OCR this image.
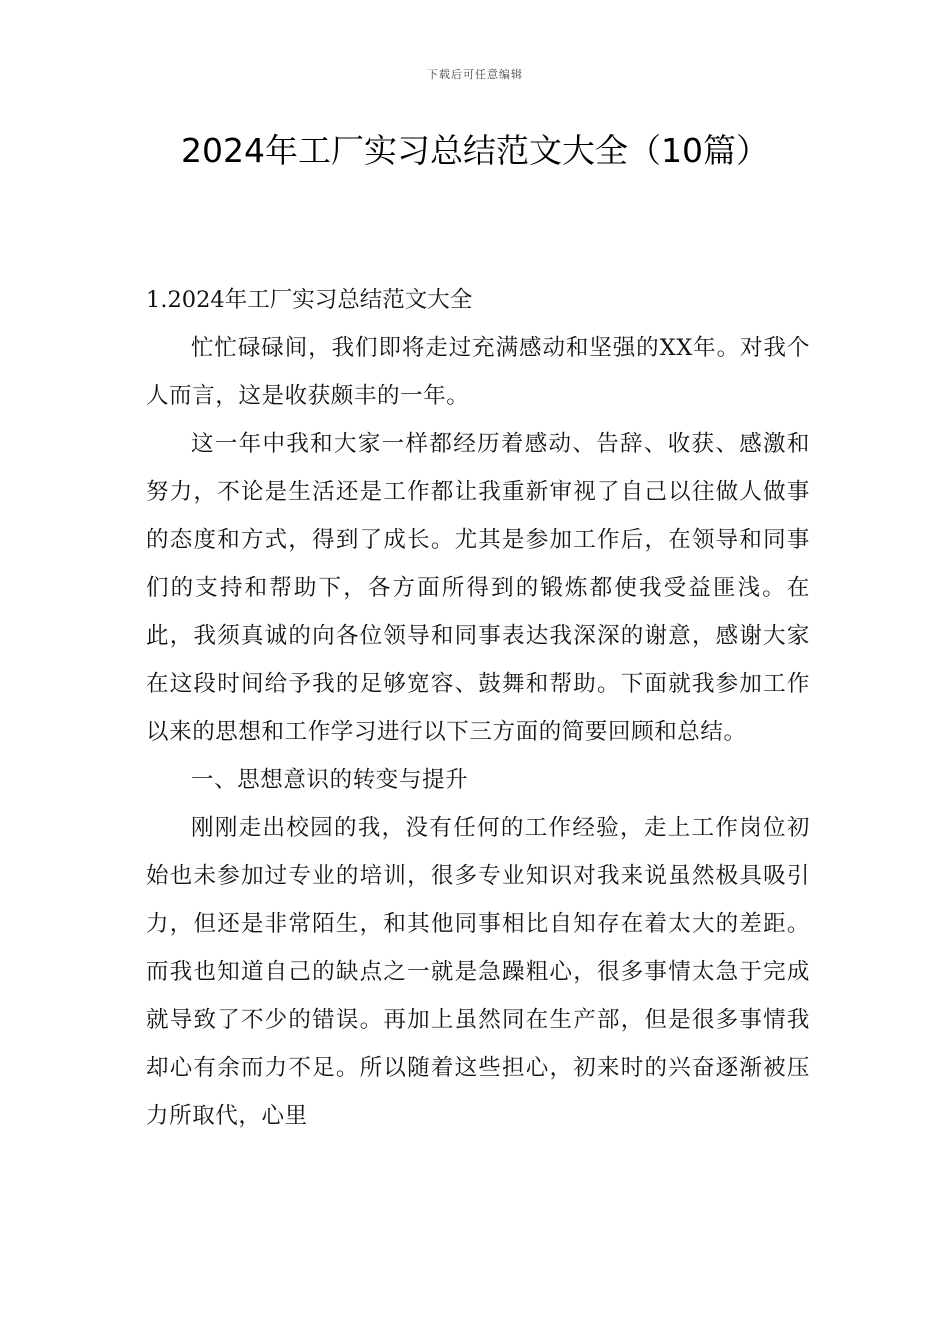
下载后可任意编辑
2024年工厂实习总结范文大全（10篇）

1.2024年工厂实习总结范文大全

忙忙碌碌间，我们即将走过充满感动和坚强的XX年。对我个人而言，这是收获颇丰的一年。

这一年中我和大家一样都经历着感动、告辞、收获、感激和努力，不论是生活还是工作都让我重新审视了自己以往做人做事的态度和方式，得到了成长。尤其是参加工作后，在领导和同事们的支持和帮助下，各方面所得到的锻炼都使我受益匪浅。在此，我须真诚的向各位领导和同事表达我深深的谢意，感谢大家在这段时间给予我的足够宽容、鼓舞和帮助。下面就我参加工作以来的思想和工作学习进行以下三方面的简要回顾和总结。

一、思想意识的转变与提升

刚刚走出校园的我，没有任何的工作经验，走上工作岗位初始也未参加过专业的培训，很多专业知识对我来说虽然极具吸引力，但还是非常陌生，和其他同事相比自知存在着太大的差距。而我也知道自己的缺点之一就是急躁粗心，很多事情太急于完成就导致了不少的错误。再加上虽然同在生产部，但是很多事情我却心有余而力不足。所以随着这些担心，初来时的兴奋逐渐被压力所取代，心里
